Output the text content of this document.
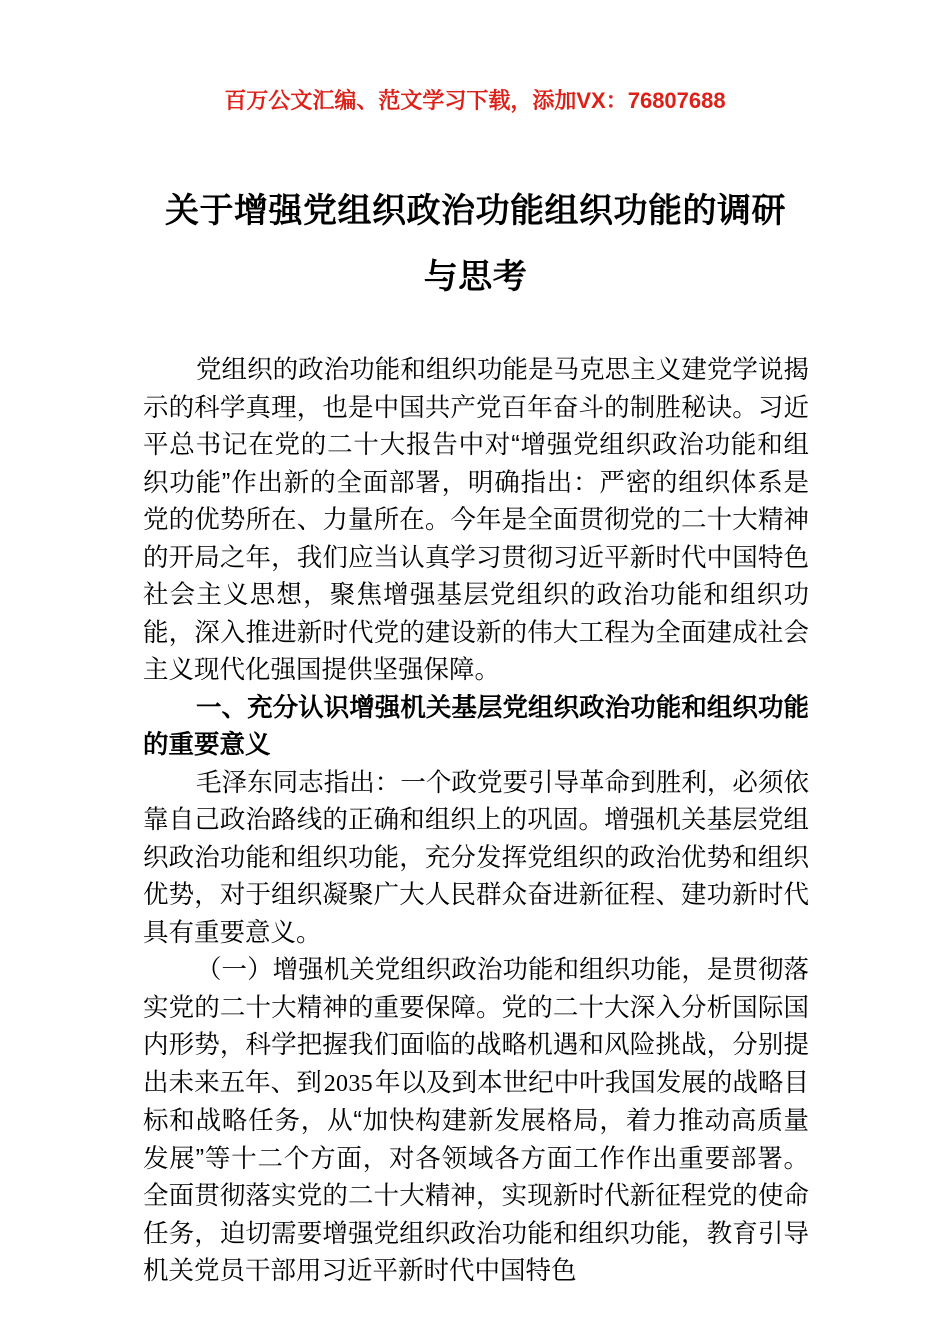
百万公文汇编、范文学习下载，添加VX：76807688
关于增强党组织政治功能组织功能的调研
与思考

党组织的政治功能和组织功能是马克思主义建党学说揭示的科学真理，也是中国共产党百年奋斗的制胜秘诀。习近平总书记在党的二十大报告中对“增强党组织政治功能和组织功能”作出新的全面部署，明确指出：严密的组织体系是党的优势所在、力量所在。今年是全面贯彻党的二十大精神的开局之年，我们应当认真学习贯彻习近平新时代中国特色社会主义思想，聚焦增强基层党组织的政治功能和组织功能，深入推进新时代党的建设新的伟大工程为全面建成社会主义现代化强国提供坚强保障。

一、充分认识增强机关基层党组织政治功能和组织功能的重要意义

毛泽东同志指出：一个政党要引导革命到胜利，必须依靠自己政治路线的正确和组织上的巩固。增强机关基层党组织政治功能和组织功能，充分发挥党组织的政治优势和组织优势，对于组织凝聚广大人民群众奋进新征程、建功新时代具有重要意义。

（一）增强机关党组织政治功能和组织功能，是贯彻落实党的二十大精神的重要保障。党的二十大深入分析国际国内形势，科学把握我们面临的战略机遇和风险挑战，分别提出未来五年、到2035年以及到本世纪中叶我国发展的战略目标和战略任务，从“加快构建新发展格局，着力推动高质量发展”等十二个方面，对各领域各方面工作作出重要部署。全面贯彻落实党的二十大精神，实现新时代新征程党的使命任务，迫切需要增强党组织政治功能和组织功能，教育引导机关党员干部用习近平新时代中国特色
